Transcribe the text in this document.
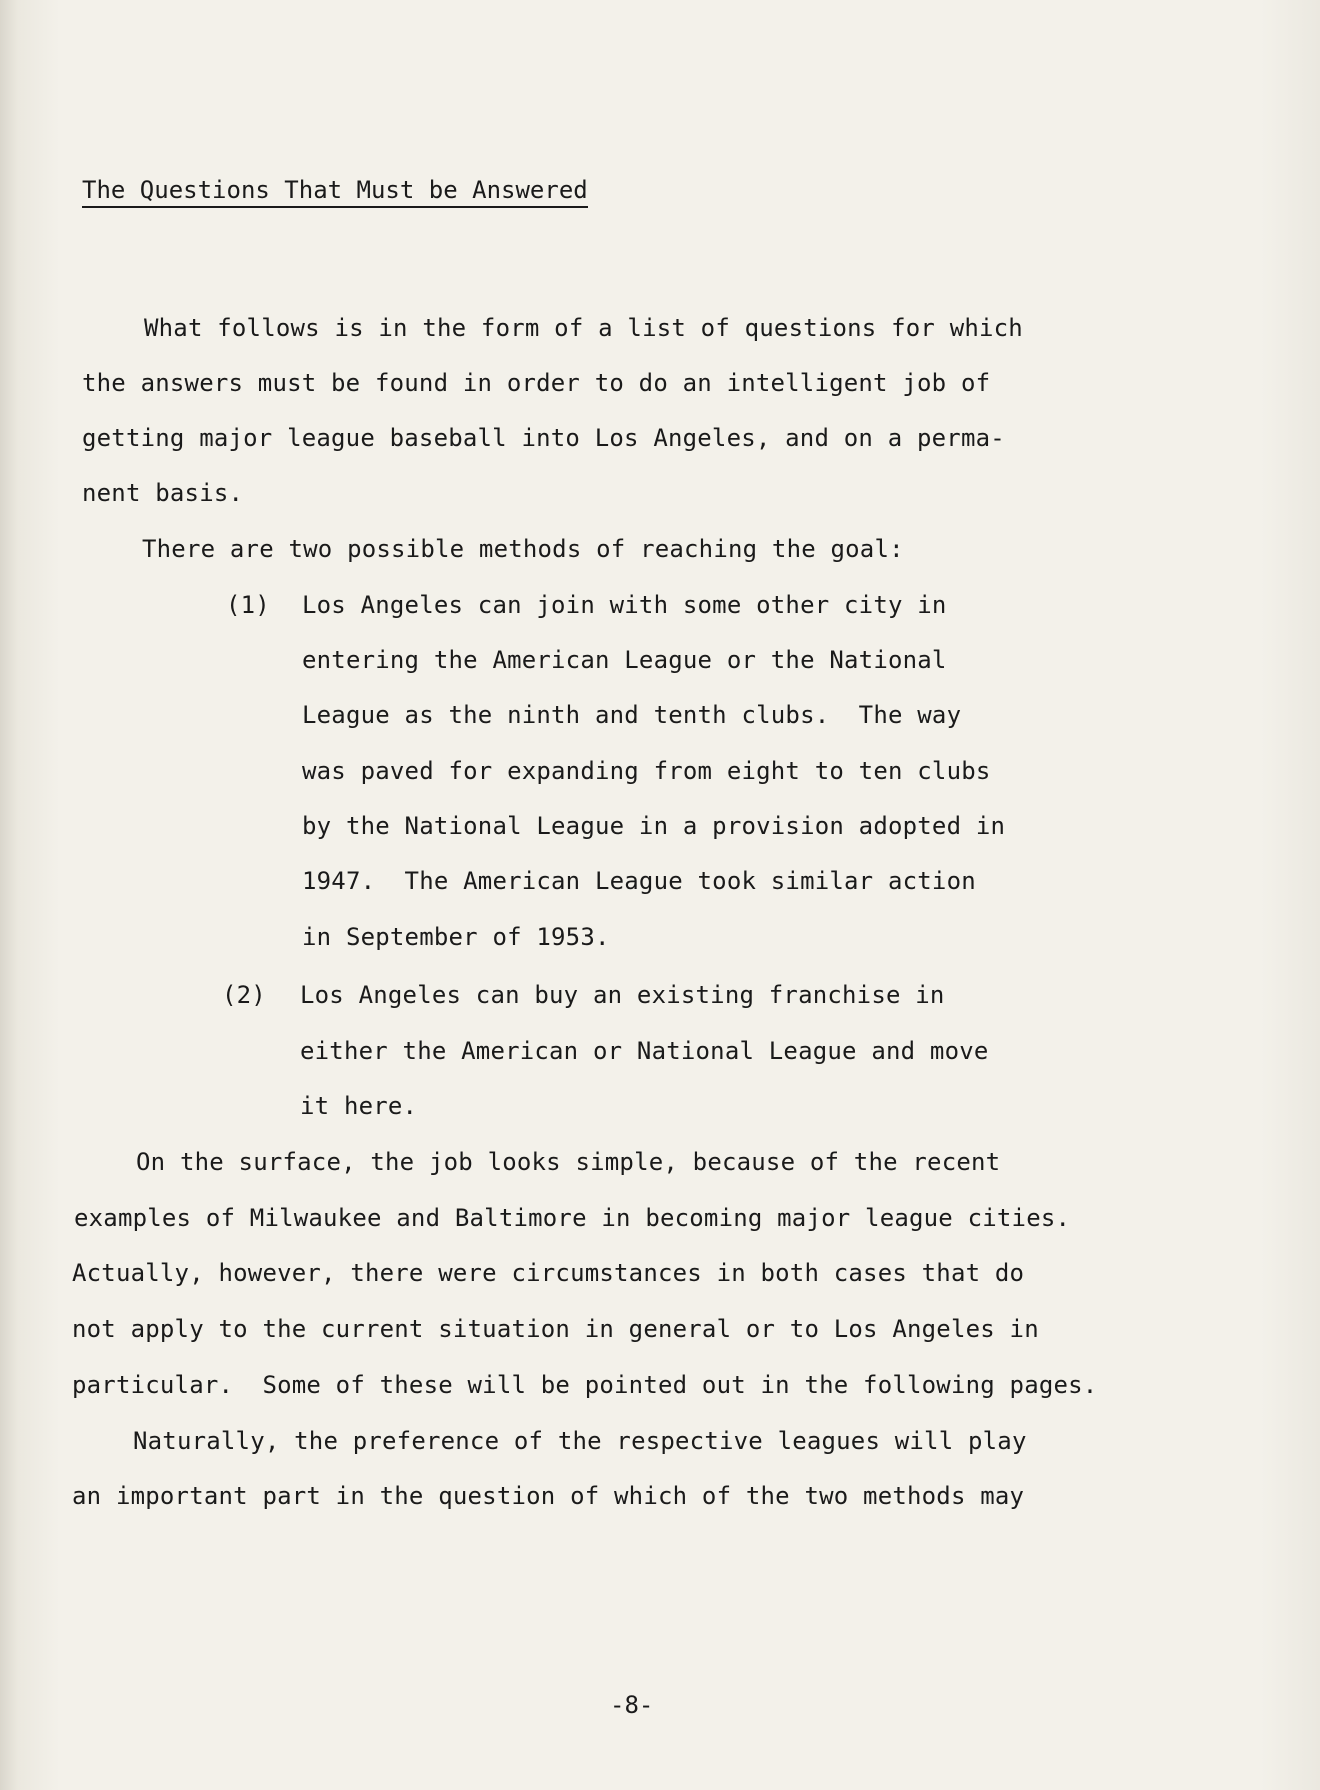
The Questions That Must be Answered
What follows is in the form of a list of questions for which
the answers must be found in order to do an intelligent job of
getting major league baseball into Los Angeles, and on a perma-
nent basis.
There are two possible methods of reaching the goal:
(1) Los Angeles can join with some other city in
entering the American League or the National
League as the ninth and tenth clubs.  The way
was paved for expanding from eight to ten clubs
by the National League in a provision adopted in
1947.  The American League took similar action
in September of 1953.
(2) Los Angeles can buy an existing franchise in
either the American or National League and move
it here.
On the surface, the job looks simple, because of the recent
examples of Milwaukee and Baltimore in becoming major league cities.
Actually, however, there were circumstances in both cases that do
not apply to the current situation in general or to Los Angeles in
particular.  Some of these will be pointed out in the following pages.
Naturally, the preference of the respective leagues will play
an important part in the question of which of the two methods may
-8-
